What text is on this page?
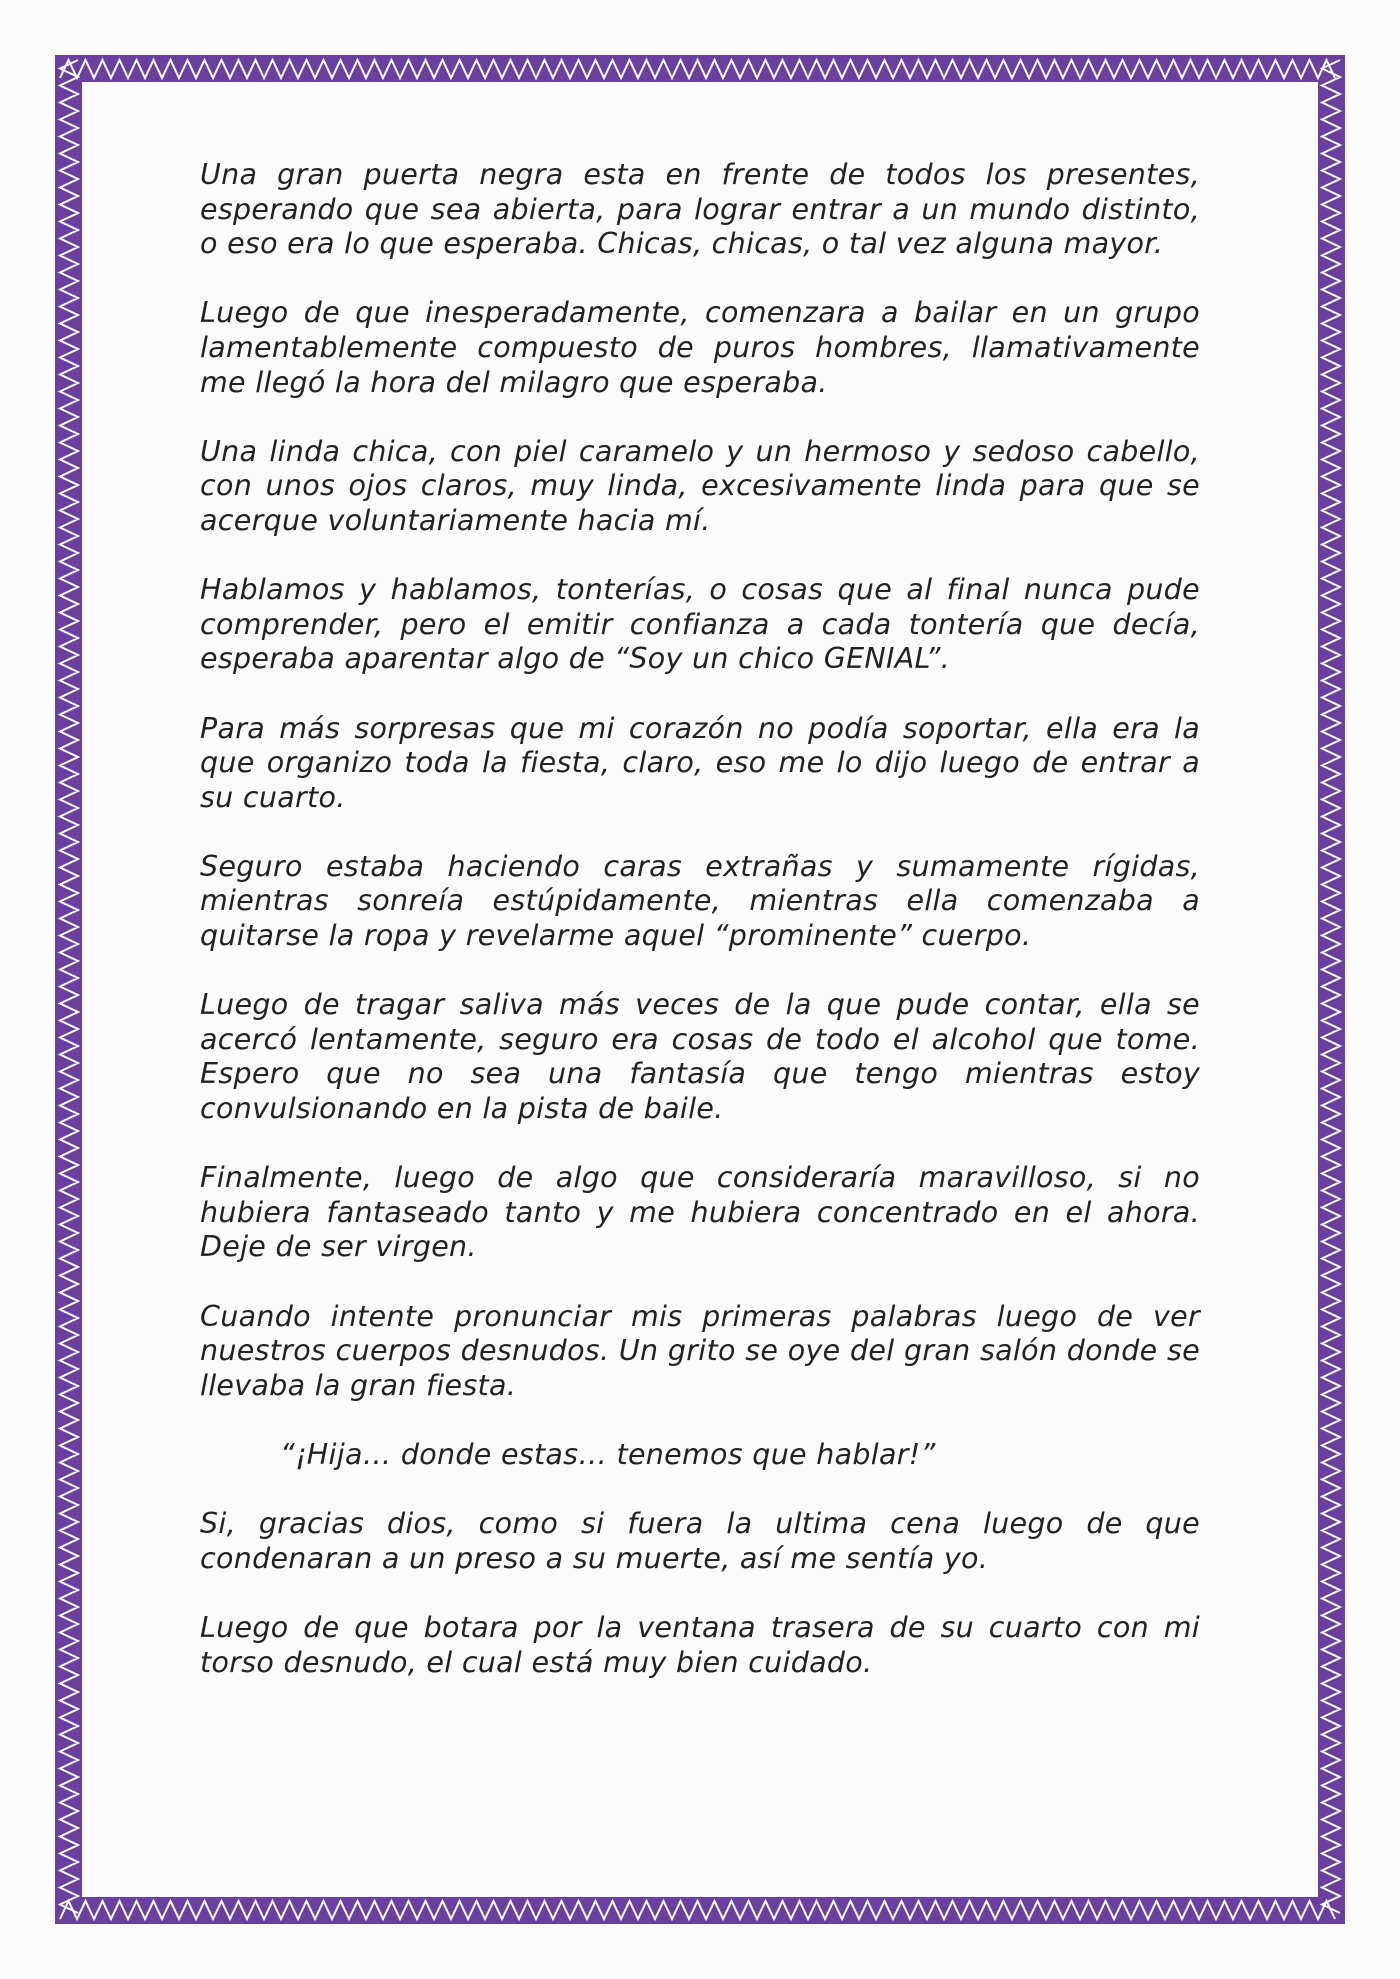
Una gran puerta negra esta en frente de todos los presentes, esperando que sea abierta, para lograr entrar a un mundo distinto, o eso era lo que esperaba. Chicas, chicas, o tal vez alguna mayor.

Luego de que inesperadamente, comenzara a bailar en un grupo lamentablemente compuesto de puros hombres, llamativamente me llegó la hora del milagro que esperaba.

Una linda chica, con piel caramelo y un hermoso y sedoso cabello, con unos ojos claros, muy linda, excesivamente linda para que se acerque voluntariamente hacia mí.

Hablamos y hablamos, tonterías, o cosas que al final nunca pude comprender, pero el emitir confianza a cada tontería que decía, esperaba aparentar algo de “Soy un chico GENIAL”.

Para más sorpresas que mi corazón no podía soportar, ella era la que organizo toda la fiesta, claro, eso me lo dijo luego de entrar a su cuarto.

Seguro estaba haciendo caras extrañas y sumamente rígidas, mientras sonreía estúpidamente, mientras ella comenzaba a quitarse la ropa y revelarme aquel “prominente” cuerpo.

Luego de tragar saliva más veces de la que pude contar, ella se acercó lentamente, seguro era cosas de todo el alcohol que tome. Espero que no sea una fantasía que tengo mientras estoy convulsionando en la pista de baile.

Finalmente, luego de algo que consideraría maravilloso, si no hubiera fantaseado tanto y me hubiera concentrado en el ahora. Deje de ser virgen.

Cuando intente pronunciar mis primeras palabras luego de ver nuestros cuerpos desnudos. Un grito se oye del gran salón donde se llevaba la gran fiesta.

“¡Hija… donde estas… tenemos que hablar!”

Si, gracias dios, como si fuera la ultima cena luego de que condenaran a un preso a su muerte, así me sentía yo.

Luego de que botara por la ventana trasera de su cuarto con mi torso desnudo, el cual está muy bien cuidado.
